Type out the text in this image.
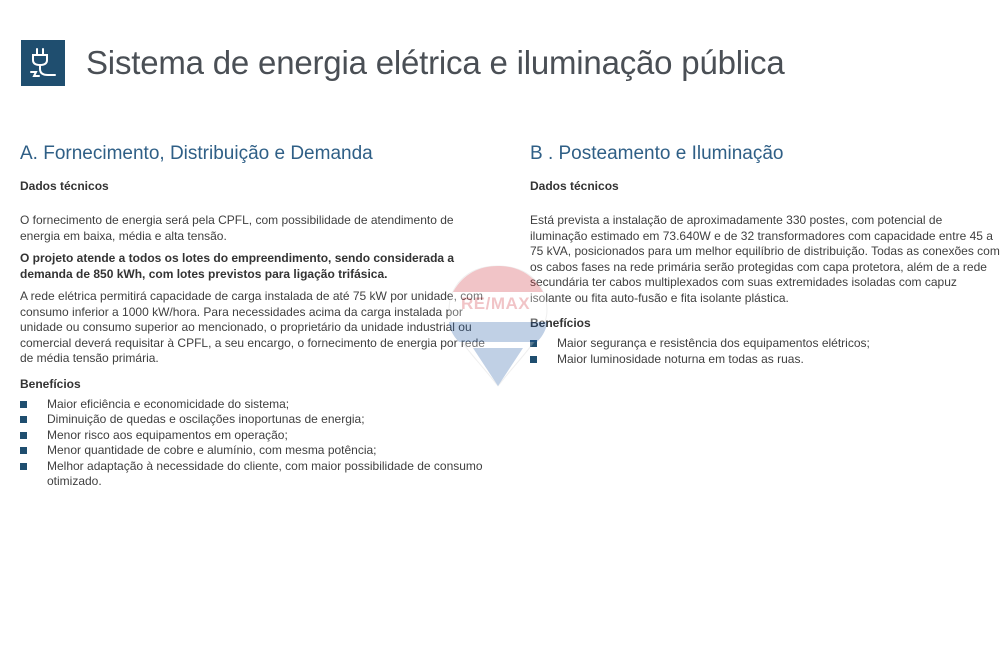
Sistema de energia elétrica e iluminação pública
A. Fornecimento, Distribuição e Demanda
Dados técnicos

O fornecimento de energia será pela CPFL, com possibilidade de atendimento de energia em baixa, média e alta tensão.

O projeto atende a todos os lotes do empreendimento, sendo considerada a demanda de 850 kWh, com lotes previstos para ligação trifásica.

A rede elétrica permitirá capacidade de carga instalada de até 75 kW por unidade, com consumo inferior a 1000 kW/hora. Para necessidades acima da carga instalada por unidade ou consumo superior ao mencionado, o proprietário da unidade industrial ou comercial deverá requisitar à CPFL, a seu encargo, o fornecimento de energia por rede de média tensão primária.

Benefícios
Maior eficiência e economicidade do sistema;
Diminuição de quedas e oscilações inoportunas de energia;
Menor risco aos equipamentos em operação;
Menor quantidade de cobre e alumínio, com mesma potência;
Melhor adaptação à necessidade do cliente, com maior possibilidade de consumo otimizado.
B . Posteamento e Iluminação
Dados técnicos

Está prevista a instalação de aproximadamente 330 postes, com potencial de iluminação estimado em 73.640W e de 32 transformadores com capacidade entre 45 a 75 kVA, posicionados para um melhor equilíbrio de distribuição. Todas as conexões com os cabos fases na rede primária serão protegidas com capa protetora, além de a rede secundária ter cabos multiplexados com suas extremidades isoladas com capuz isolante ou fita auto-fusão e fita isolante plástica.

Benefícios
Maior segurança e resistência dos equipamentos elétricos;
Maior luminosidade noturna em todas as ruas.
RE/MAX
